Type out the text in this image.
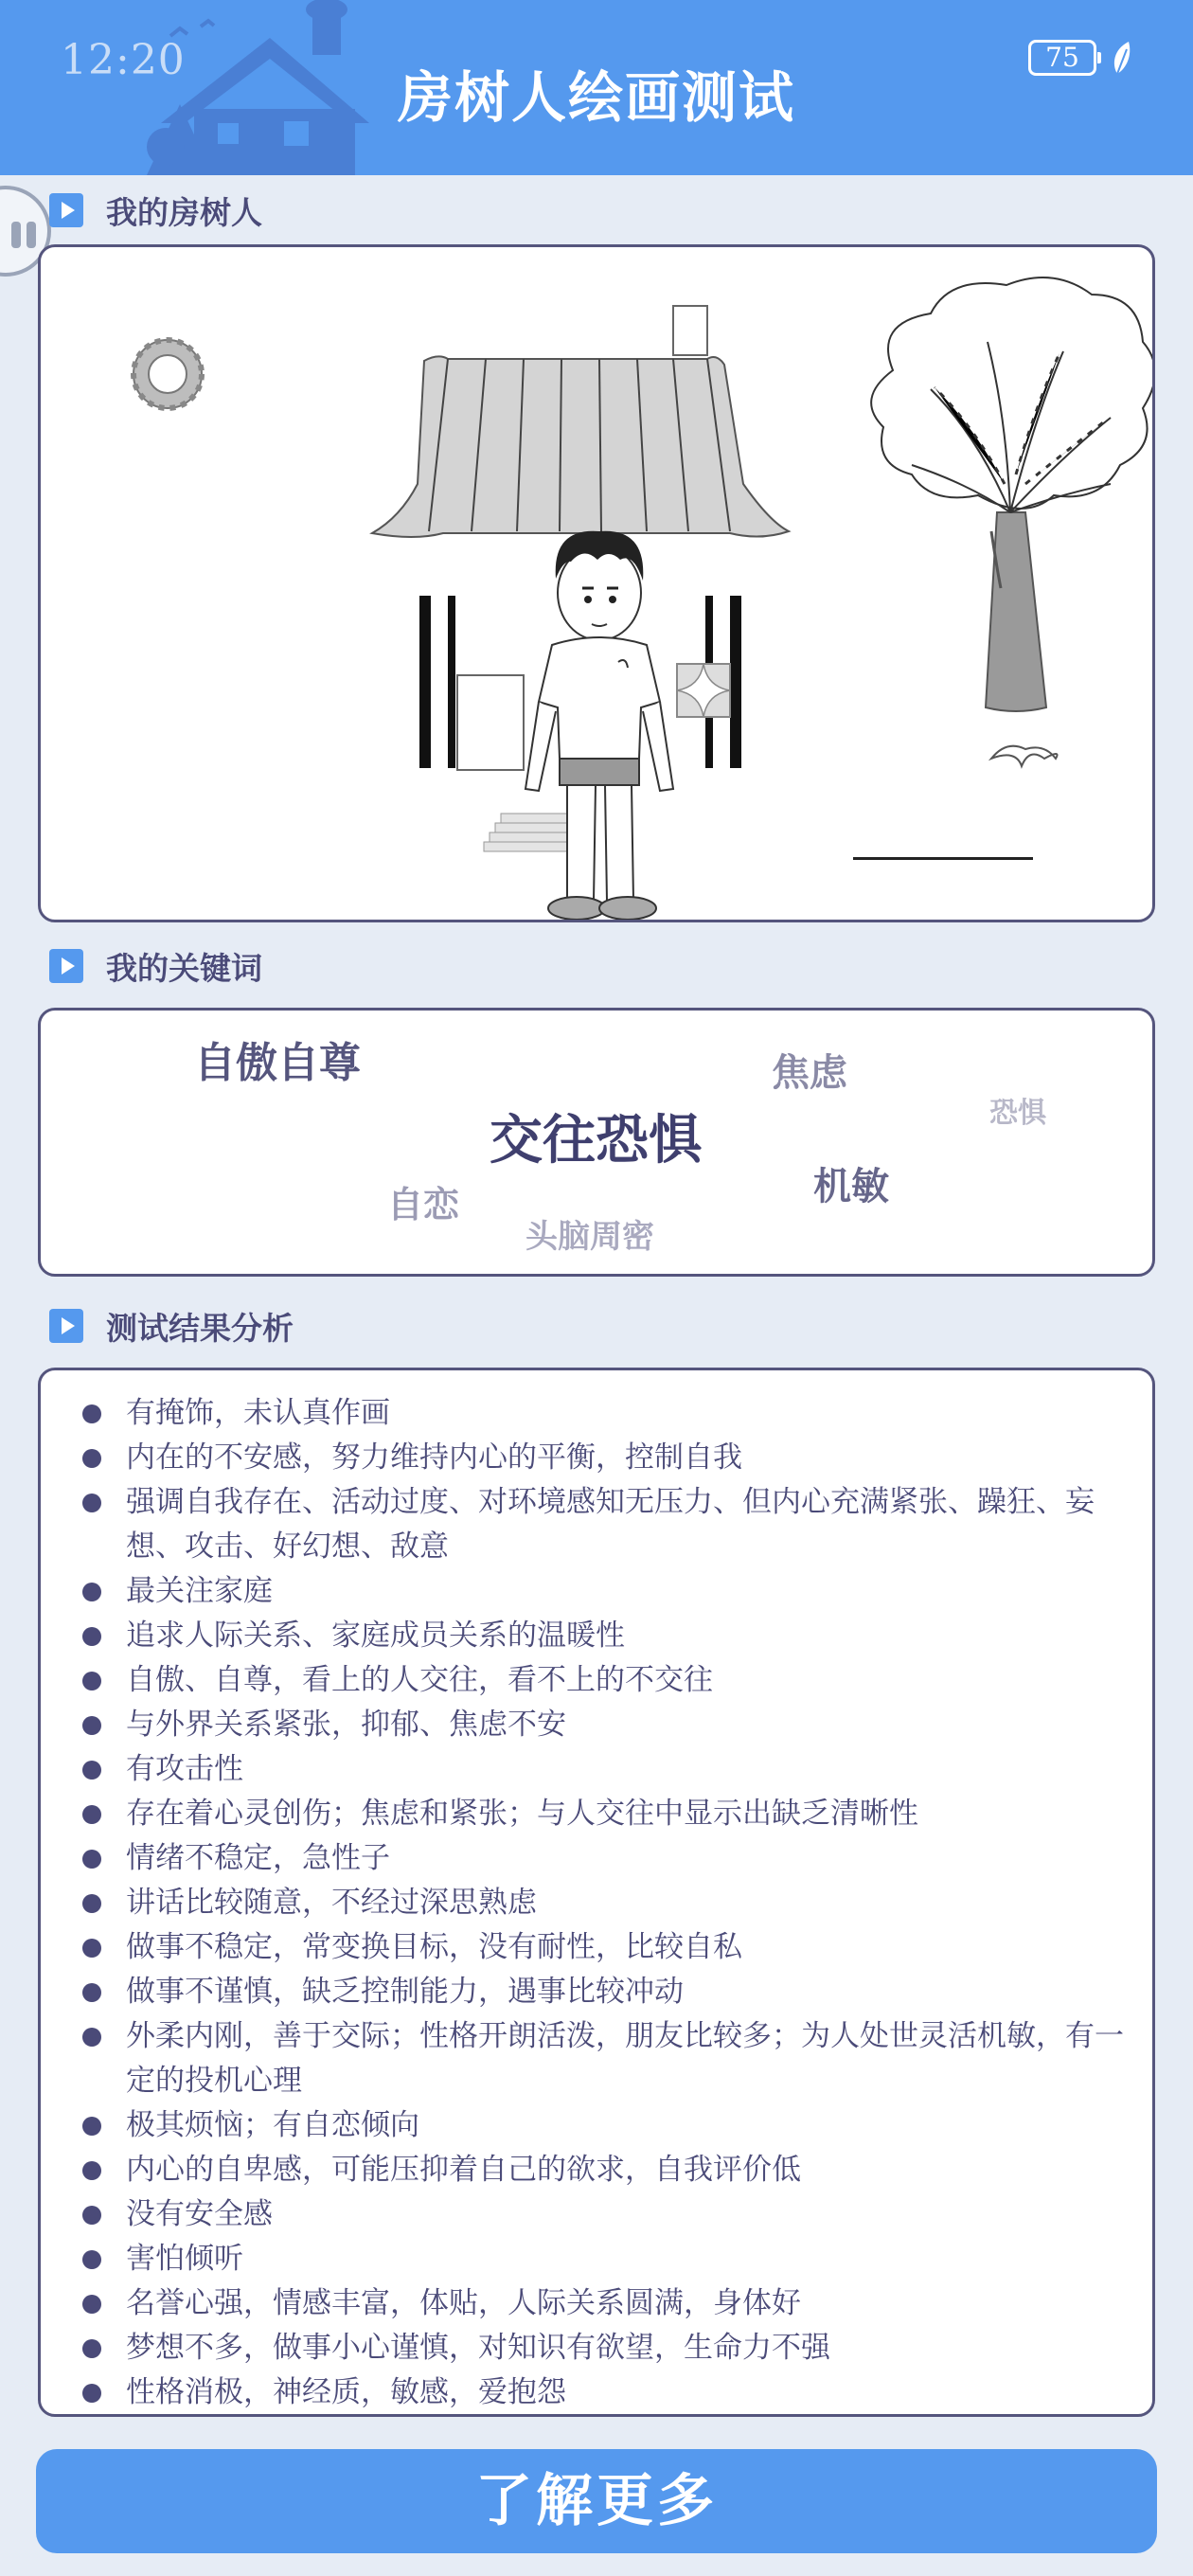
12:20
房树人绘画测试
75
我的房树人
我的关键词
自傲自尊	焦虑
恐惧
交往恐惧
机敏
自恋
头脑周密
测试结果分析
有掩饰，未认真作画
内在的不安感，努力维持内心的平衡，控制自我
强调自我存在、活动过度、对环境感知无压力、但内心充满紧张、躁狂、妄想、攻击、好幻想、敌意
最关注家庭
追求人际关系、家庭成员关系的温暖性
自傲、自尊，看上的人交往，看不上的不交往
与外界关系紧张，抑郁、焦虑不安
有攻击性
存在着心灵创伤；焦虑和紧张；与人交往中显示出缺乏清晰性
情绪不稳定，急性子
讲话比较随意，不经过深思熟虑
做事不稳定，常变换目标，没有耐性，比较自私
做事不谨慎，缺乏控制能力，遇事比较冲动
外柔内刚，善于交际；性格开朗活泼，朋友比较多；为人处世灵活机敏，有一定的投机心理
极其烦恼；有自恋倾向
内心的自卑感，可能压抑着自己的欲求，自我评价低
没有安全感
害怕倾听
名誉心强，情感丰富，体贴，人际关系圆满，身体好
梦想不多，做事小心谨慎，对知识有欲望，生命力不强
性格消极，神经质，敏感，爱抱怨
了解更多
